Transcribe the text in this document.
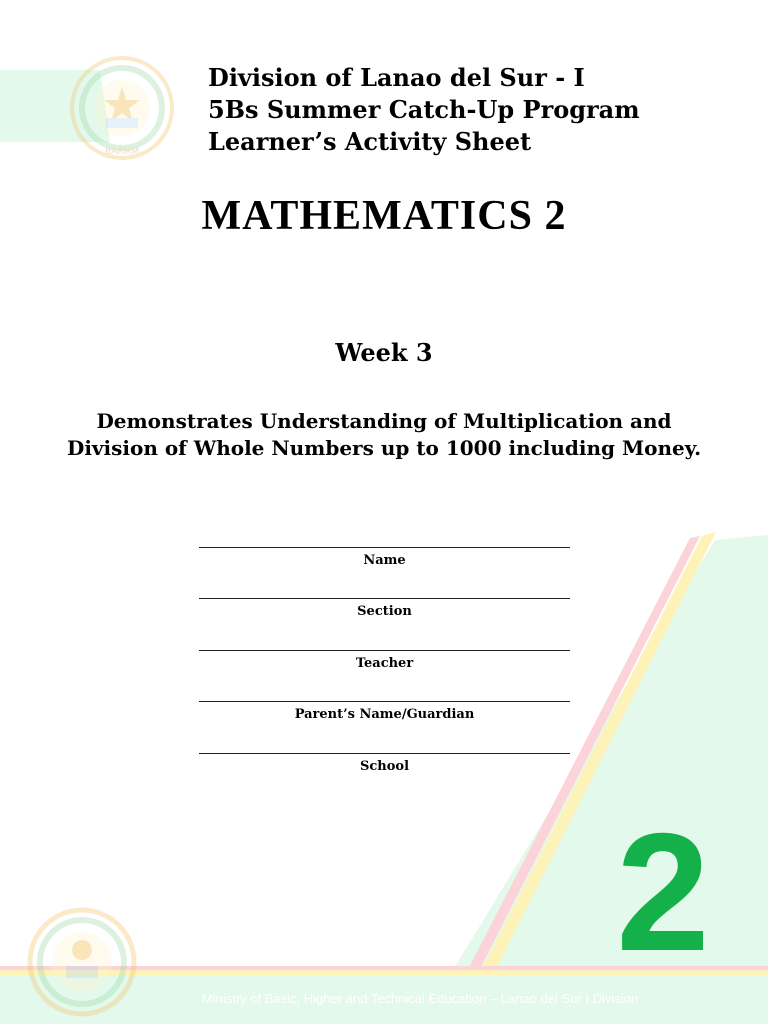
BARMM
Division of Lanao del Sur - I
5Bs Summer Catch-Up Program
Learner’s Activity Sheet
MATHEMATICS 2
Week 3
Demonstrates Understanding of Multiplication and Division of Whole Numbers up to 1000 including Money.
Name
Section
Teacher
Parent’s Name/Guardian
School
2
Ministry of Basic, Higher and Technical Education – Lanao del Sur I Division
